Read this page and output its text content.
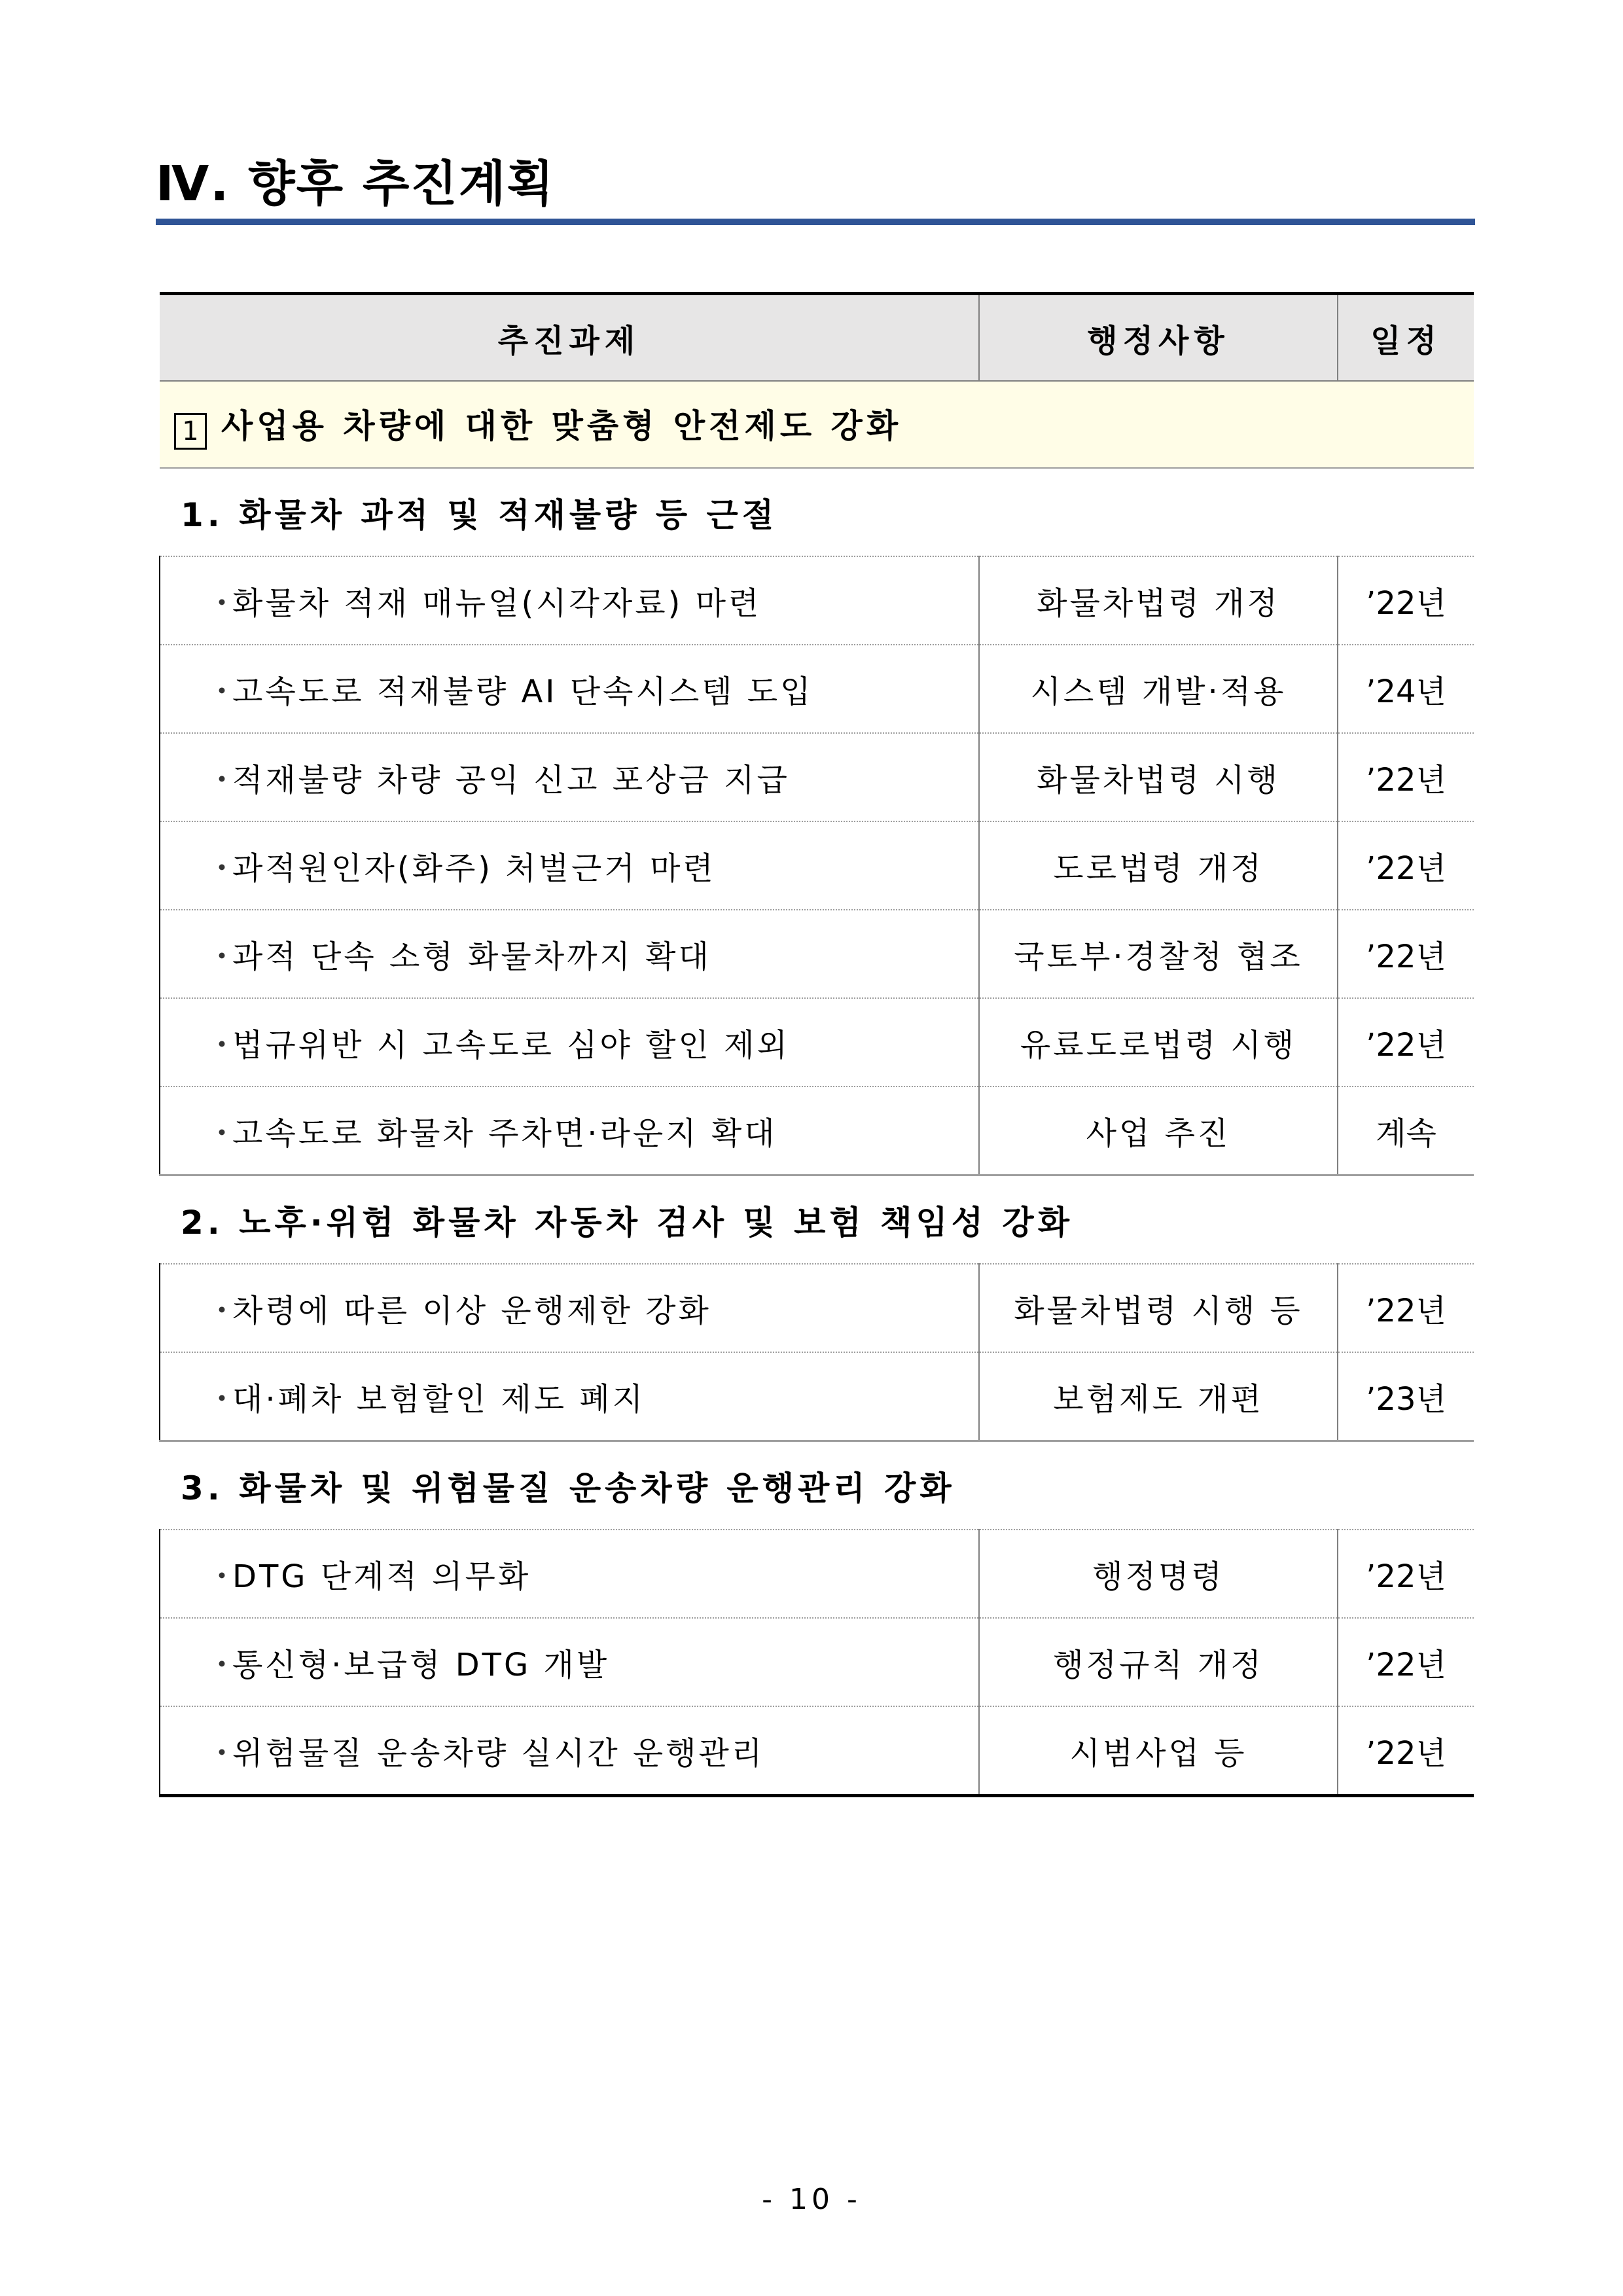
Ⅳ. 향후 추진계획
추진과제	행정사항	일정
1 사업용 차량에 대한 맞춤형 안전제도 강화		
1. 화물차 과적 및 적재불량 등 근절		
・화물차 적재 매뉴얼(시각자료) 마련	화물차법령 개정	’22년
・고속도로 적재불량 AI 단속시스템 도입	시스템 개발·적용	’24년
・적재불량 차량 공익 신고 포상금 지급	화물차법령 시행	’22년
・과적원인자(화주) 처벌근거 마련	도로법령 개정	’22년
・과적 단속 소형 화물차까지 확대	국토부·경찰청 협조	’22년
・법규위반 시 고속도로 심야 할인 제외	유료도로법령 시행	’22년
・고속도로 화물차 주차면·라운지 확대	사업 추진	계속
2. 노후·위험 화물차 자동차 검사 및 보험 책임성 강화		
・차령에 따른 이상 운행제한 강화	화물차법령 시행 등	’22년
・대·폐차 보험할인 제도 폐지	보험제도 개편	’23년
3. 화물차 및 위험물질 운송차량 운행관리 강화		
・DTG 단계적 의무화	행정명령	’22년
・통신형·보급형 DTG 개발	행정규칙 개정	’22년
・위험물질 운송차량 실시간 운행관리	시범사업 등	’22년
- 10 -
